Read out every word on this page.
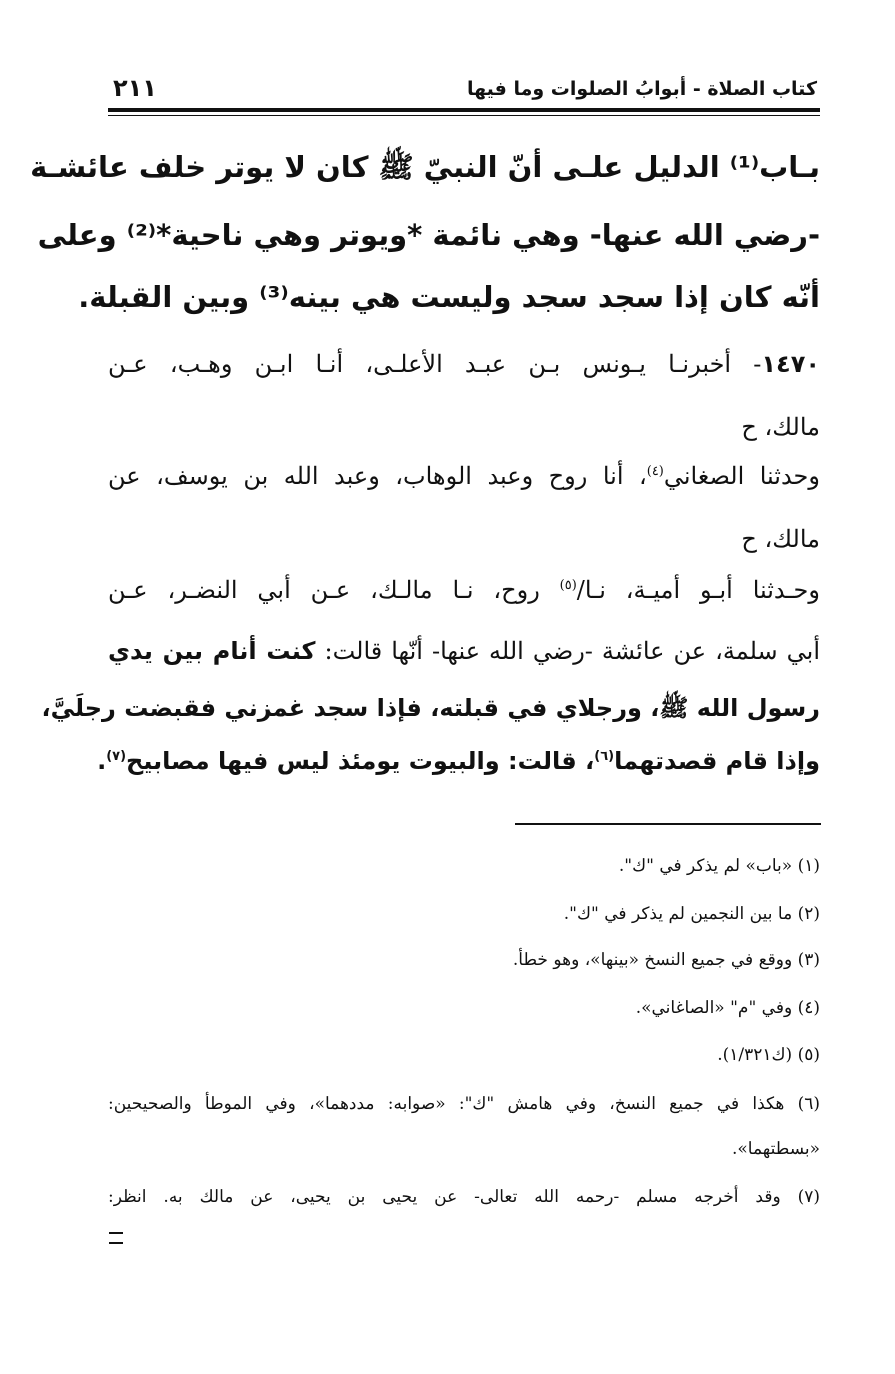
كتاب الصلاة - أبوابُ الصلوات وما فيها
٢١١
بـاب⁽¹⁾ الدليل علـى أنّ النبيّ ﷺ كان لا يوتر خلف عائشـة
-رضي الله عنها- وهي نائمة *ويوتر وهي ناحية*⁽²⁾ وعلى
أنّه كان إذا سجد سجد وليست هي بينه⁽³⁾ وبين القبلة.
١٤٧٠- أخبرنـا يـونس بـن عبـد الأعلـى، أنـا ابـن وهـب، عـن
مالك، ح
وحدثنا الصغاني$^{(٤)}$، أنا روح وعبد الوهاب، وعبد الله بن يوسف، عن
مالك، ح
وحـدثنا أبـو أميـة، نـا/$^{(٥)}$ روح، نـا مالـك، عـن أبي النضـر، عـن
أبي سلمة، عن عائشة -رضي الله عنها- أنّها قالت: كنت أنام بين يدي
رسول الله ﷺ، ورجلاي في قبلته، فإذا سجد غمزني فقبضت رجلَيَّ،
وإذا قام قصدتهما$^{(٦)}$، قالت: والبيوت يومئذ ليس فيها مصابيح$^{(٧)}$.
(١) «باب» لم يذكر في "ك".
(٢) ما بين النجمين لم يذكر في "ك".
(٣) ووقع في جميع النسخ «بينها»، وهو خطأ.
(٤) وفي "م" «الصاغاني».
(٥) (ك١/٣٢١).
(٦) هكذا في جميع النسخ، وفي هامش "ك": «صوابه: مددهما»، وفي الموطأ والصحيحين:
«بسطتهما».
(٧) وقد أخرجه مسلم -رحمه الله تعالى- عن يحيى بن يحيى، عن مالك به. انظر:
